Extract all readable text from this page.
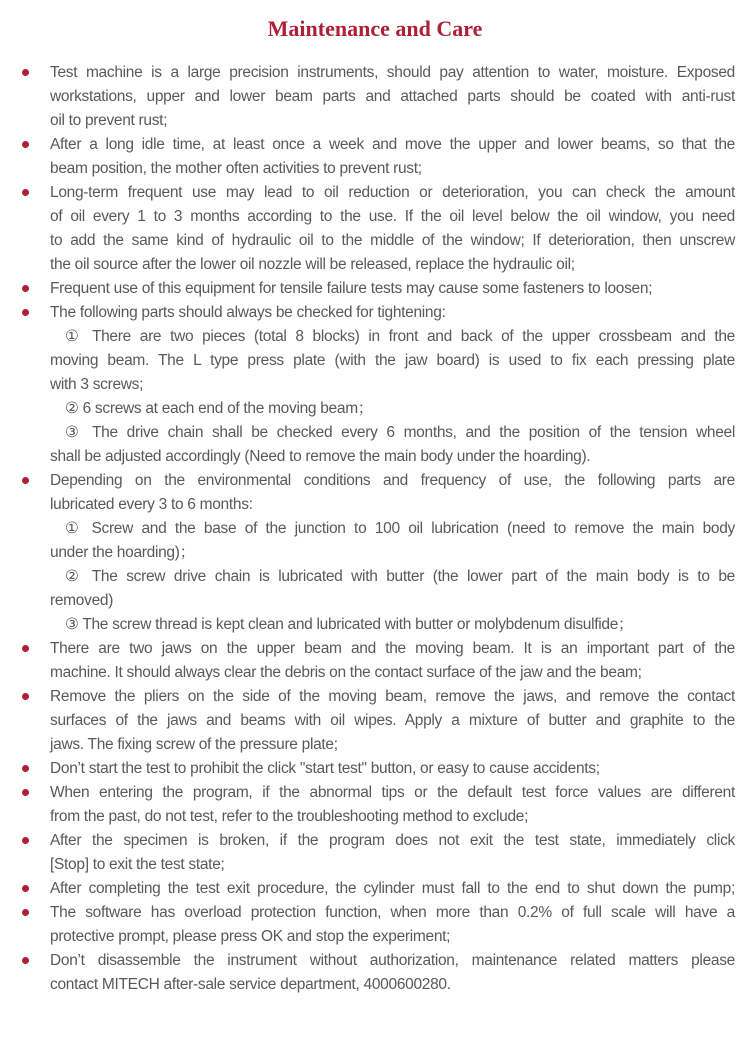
Maintenance and Care
Test machine is a large precision instruments, should pay attention to water, moisture. Exposed
workstations, upper and lower beam parts and attached parts should be coated with anti-rust
oil to prevent rust;
After a long idle time, at least once a week and move the upper and lower beams, so that the
beam position, the mother often activities to prevent rust;
Long-term frequent use may lead to oil reduction or deterioration, you can check the amount
of oil every 1 to 3 months according to the use. If the oil level below the oil window, you need
to add the same kind of hydraulic oil to the middle of the window; If deterioration, then unscrew
the oil source after the lower oil nozzle will be released, replace the hydraulic oil;
Frequent use of this equipment for tensile failure tests may cause some fasteners to loosen;
The following parts should always be checked for tightening:
① There are two pieces (total 8 blocks) in front and back of the upper crossbeam and the
moving beam. The L type press plate (with the jaw board) is used to fix each pressing plate
with 3 screws;
② 6 screws at each end of the moving beam；
③ The drive chain shall be checked every 6 months, and the position of the tension wheel
shall be adjusted accordingly (Need to remove the main body under the hoarding).
Depending on the environmental conditions and frequency of use, the following parts are
lubricated every 3 to 6 months:
① Screw and the base of the junction to 100 oil lubrication (need to remove the main body
under the hoarding)；
② The screw drive chain is lubricated with butter (the lower part of the main body is to be
removed)
③ The screw thread is kept clean and lubricated with butter or molybdenum disulfide；
There are two jaws on the upper beam and the moving beam. It is an important part of the
machine. It should always clear the debris on the contact surface of the jaw and the beam;
Remove the pliers on the side of the moving beam, remove the jaws, and remove the contact
surfaces of the jaws and beams with oil wipes. Apply a mixture of butter and graphite to the
jaws. The fixing screw of the pressure plate;
Don’t start the test to prohibit the click "start test" button, or easy to cause accidents;
When entering the program, if the abnormal tips or the default test force values are different
from the past, do not test, refer to the troubleshooting method to exclude;
After the specimen is broken, if the program does not exit the test state, immediately click
[Stop] to exit the test state;
After completing the test exit procedure, the cylinder must fall to the end to shut down the pump;
The software has overload protection function, when more than 0.2% of full scale will have a
protective prompt, please press OK and stop the experiment;
Don’t disassemble the instrument without authorization, maintenance related matters please
contact MITECH after-sale service department, 4000600280.
